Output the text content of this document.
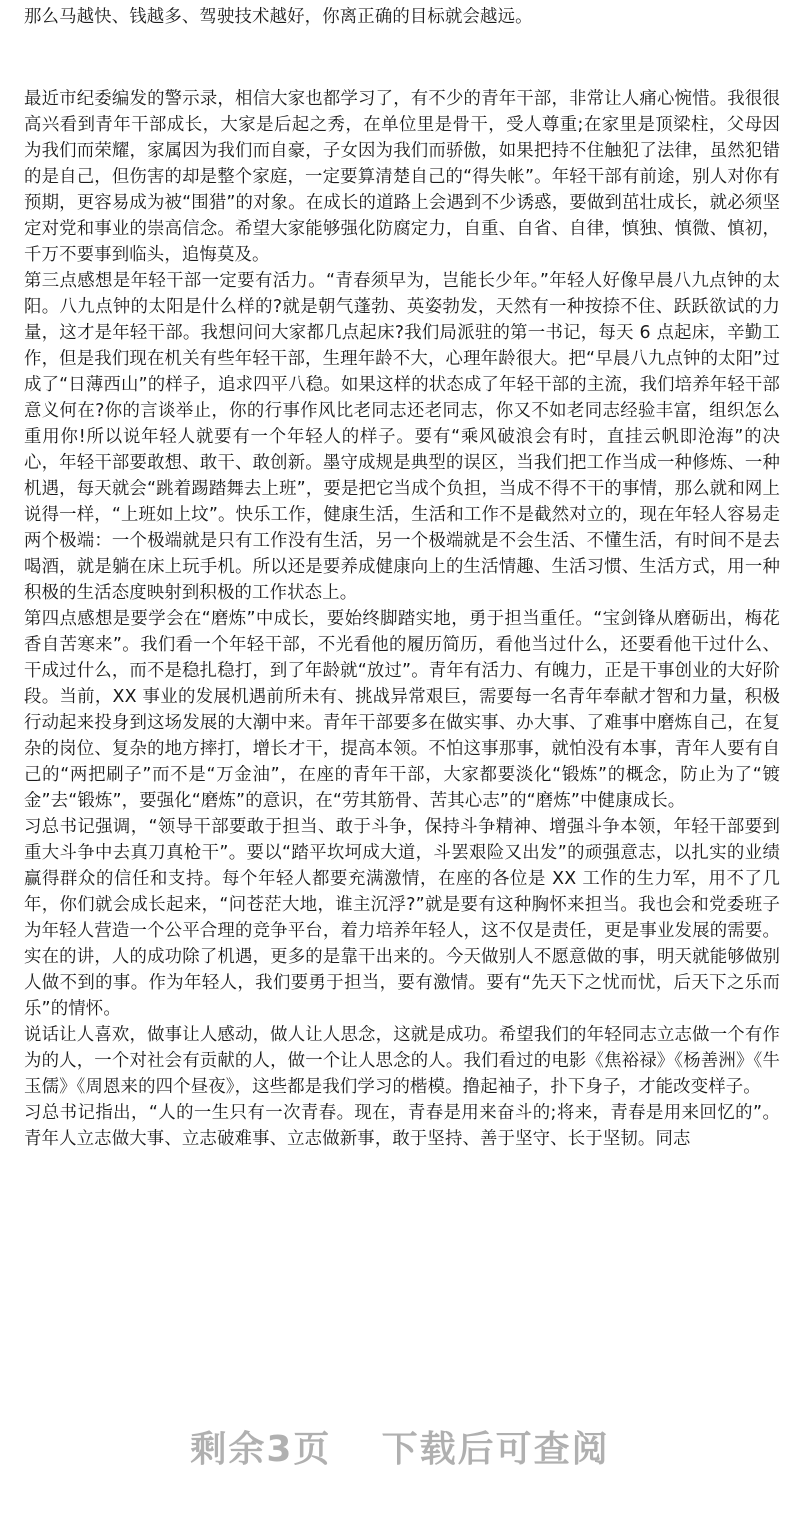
那么马越快、钱越多、驾驶技术越好，你离正确的目标就会越远。

最近市纪委编发的警示录，相信大家也都学习了，有不少的青年干部，非常让人痛心惋惜。我很很高兴看到青年干部成长，大家是后起之秀，在单位里是骨干，受人尊重;在家里是顶梁柱，父母因为我们而荣耀，家属因为我们而自豪，子女因为我们而骄傲，如果把持不住触犯了法律，虽然犯错的是自己，但伤害的却是整个家庭，一定要算清楚自己的“得失帐”。年轻干部有前途，别人对你有预期，更容易成为被“围猎”的对象。在成长的道路上会遇到不少诱惑，要做到茁壮成长，就必须坚定对党和事业的崇高信念。希望大家能够强化防腐定力，自重、自省、自律，慎独、慎微、慎初，千万不要事到临头，追悔莫及。

第三点感想是年轻干部一定要有活力。“青春须早为，岂能长少年。”年轻人好像早晨八九点钟的太阳。八九点钟的太阳是什么样的?就是朝气蓬勃、英姿勃发，天然有一种按捺不住、跃跃欲试的力量，这才是年轻干部。我想问问大家都几点起床?我们局派驻的第一书记，每天 6 点起床，辛勤工作，但是我们现在机关有些年轻干部，生理年龄不大，心理年龄很大。把“早晨八九点钟的太阳”过成了“日薄西山”的样子，追求四平八稳。如果这样的状态成了年轻干部的主流，我们培养年轻干部意义何在?你的言谈举止，你的行事作风比老同志还老同志，你又不如老同志经验丰富，组织怎么重用你!所以说年轻人就要有一个年轻人的样子。要有“乘风破浪会有时，直挂云帆即沧海”的决心，年轻干部要敢想、敢干、敢创新。墨守成规是典型的误区，当我们把工作当成一种修炼、一种机遇，每天就会“跳着踢踏舞去上班”，要是把它当成个负担，当成不得不干的事情，那么就和网上说得一样，“上班如上坟”。快乐工作，健康生活，生活和工作不是截然对立的，现在年轻人容易走两个极端：一个极端就是只有工作没有生活，另一个极端就是不会生活、不懂生活，有时间不是去喝酒，就是躺在床上玩手机。所以还是要养成健康向上的生活情趣、生活习惯、生活方式，用一种积极的生活态度映射到积极的工作状态上。

第四点感想是要学会在“磨炼”中成长，要始终脚踏实地，勇于担当重任。“宝剑锋从磨砺出，梅花香自苦寒来”。我们看一个年轻干部，不光看他的履历简历，看他当过什么，还要看他干过什么、干成过什么，而不是稳扎稳打，到了年龄就“放过”。青年有活力、有魄力，正是干事创业的大好阶段。当前，XX 事业的发展机遇前所未有、挑战异常艰巨，需要每一名青年奉献才智和力量，积极行动起来投身到这场发展的大潮中来。青年干部要多在做实事、办大事、了难事中磨炼自己，在复杂的岗位、复杂的地方摔打，增长才干，提高本领。不怕这事那事，就怕没有本事，青年人要有自己的“两把刷子”而不是“万金油”，在座的青年干部，大家都要淡化“锻炼”的概念，防止为了“镀金”去“锻炼”，要强化“磨炼”的意识，在“劳其筋骨、苦其心志”的“磨炼”中健康成长。

习总书记强调，“领导干部要敢于担当、敢于斗争，保持斗争精神、增强斗争本领，年轻干部要到重大斗争中去真刀真枪干”。要以“踏平坎坷成大道，斗罢艰险又出发”的顽强意志，以扎实的业绩赢得群众的信任和支持。每个年轻人都要充满激情，在座的各位是 XX 工作的生力军，用不了几年，你们就会成长起来，“问苍茫大地，谁主沉浮?”就是要有这种胸怀来担当。我也会和党委班子为年轻人营造一个公平合理的竞争平台，着力培养年轻人，这不仅是责任，更是事业发展的需要。实在的讲，人的成功除了机遇，更多的是靠干出来的。今天做别人不愿意做的事，明天就能够做别人做不到的事。作为年轻人，我们要勇于担当，要有激情。要有“先天下之忧而忧，后天下之乐而乐”的情怀。

说话让人喜欢，做事让人感动，做人让人思念，这就是成功。希望我们的年轻同志立志做一个有作为的人，一个对社会有贡献的人，做一个让人思念的人。我们看过的电影《焦裕禄》《杨善洲》《牛玉儒》《周恩来的四个昼夜》，这些都是我们学习的楷模。撸起袖子，扑下身子，才能改变样子。

习总书记指出，“人的一生只有一次青春。现在，青春是用来奋斗的;将来，青春是用来回忆的”。青年人立志做大事、立志破难事、立志做新事，敢于坚持、善于坚守、长于坚韧。同志

剩余3页 下载后可查阅
